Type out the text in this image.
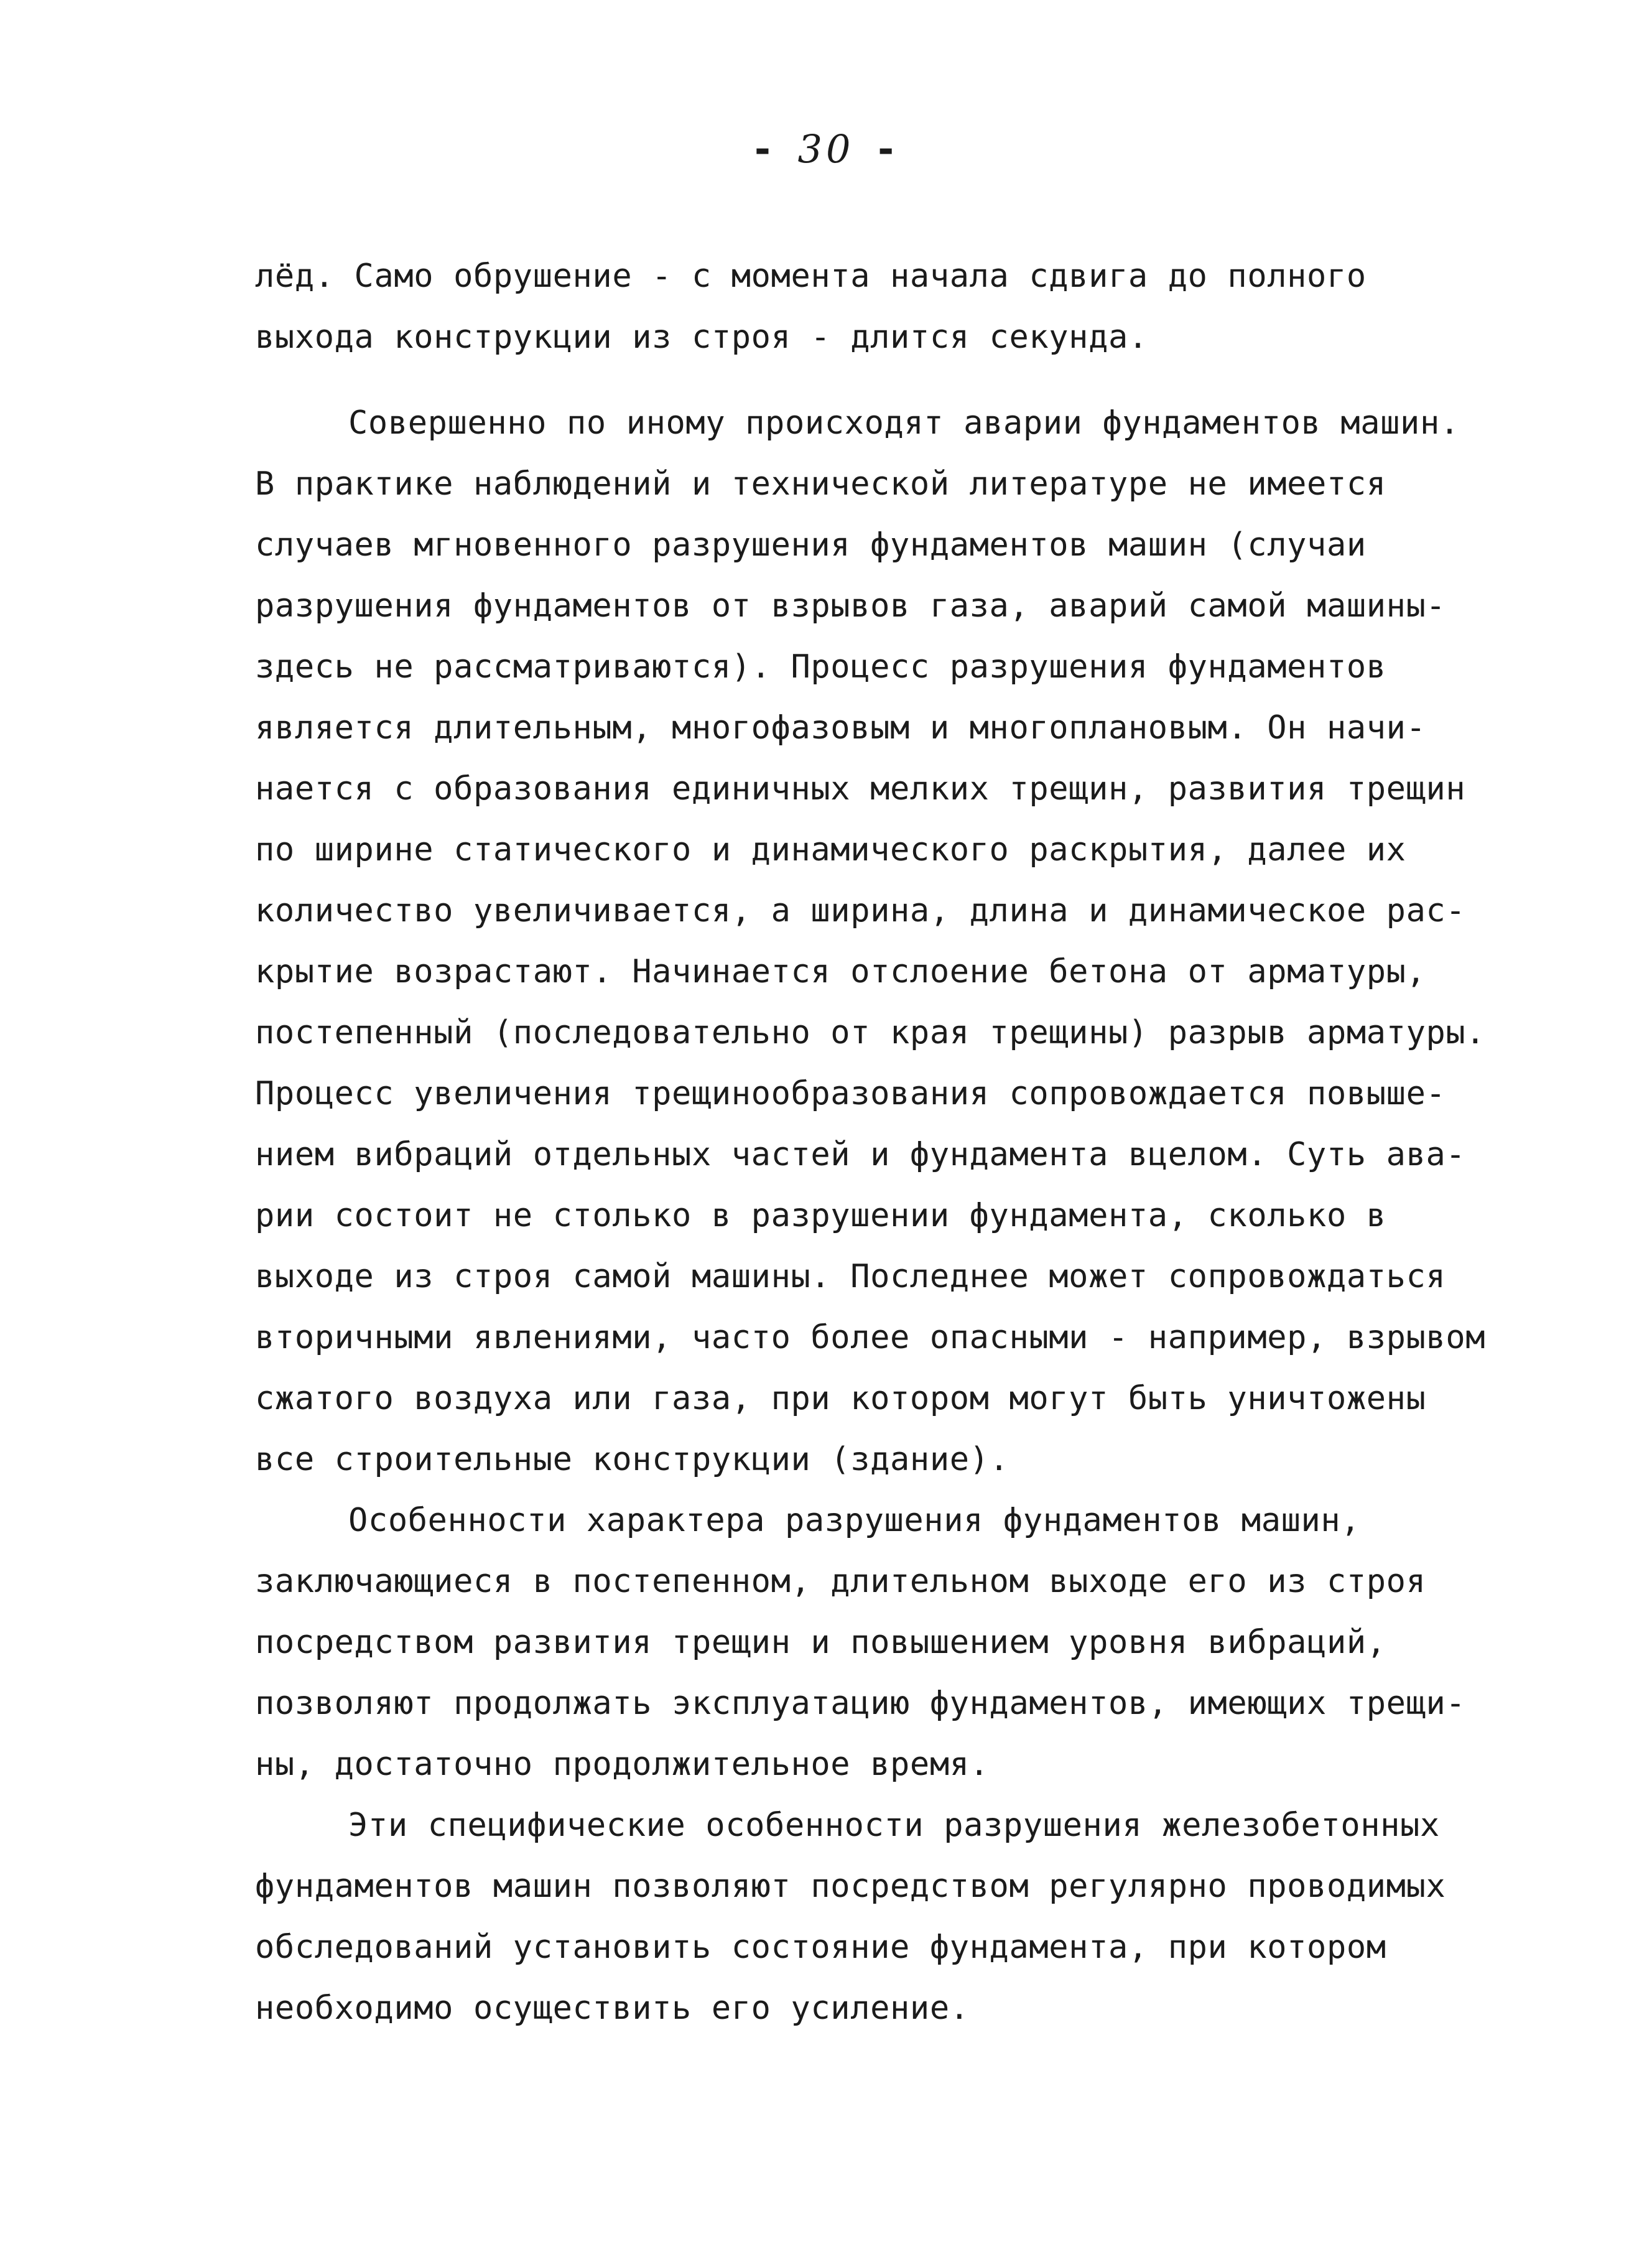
- 30 -
лёд. Само обрушение - с момента начала сдвига до полного
выхода конструкции из строя - длится секунда.
Совершенно по иному происходят аварии фундаментов машин.
В практике наблюдений и технической литературе не имеется
случаев мгновенного разрушения фундаментов машин (случаи
разрушения фундаментов от взрывов газа, аварий самой машины-
здесь не рассматриваются). Процесс разрушения фундаментов
является длительным, многофазовым и многоплановым. Он начи-
нается с образования единичных мелких трещин, развития трещин
по ширине статического и динамического раскрытия, далее их
количество увеличивается, а ширина, длина и динамическое рас-
крытие возрастают. Начинается отслоение бетона от арматуры,
постепенный (последовательно от края трещины) разрыв арматуры.
Процесс увеличения трещинообразования сопровождается повыше-
нием вибраций отдельных частей и фундамента вцелом. Суть ава-
рии состоит не столько в разрушении фундамента, сколько в
выходе из строя самой машины. Последнее может сопровождаться
вторичными явлениями, часто более опасными - например, взрывом
сжатого воздуха или газа, при котором могут быть уничтожены
все строительные конструкции (здание).
Особенности характера разрушения фундаментов машин,
заключающиеся в постепенном, длительном выходе его из строя
посредством развития трещин и повышением уровня вибраций,
позволяют продолжать эксплуатацию фундаментов, имеющих трещи-
ны, достаточно продолжительное время.
Эти специфические особенности разрушения железобетонных
фундаментов машин позволяют посредством регулярно проводимых
обследований установить состояние фундамента, при котором
необходимо осуществить его усиление.
